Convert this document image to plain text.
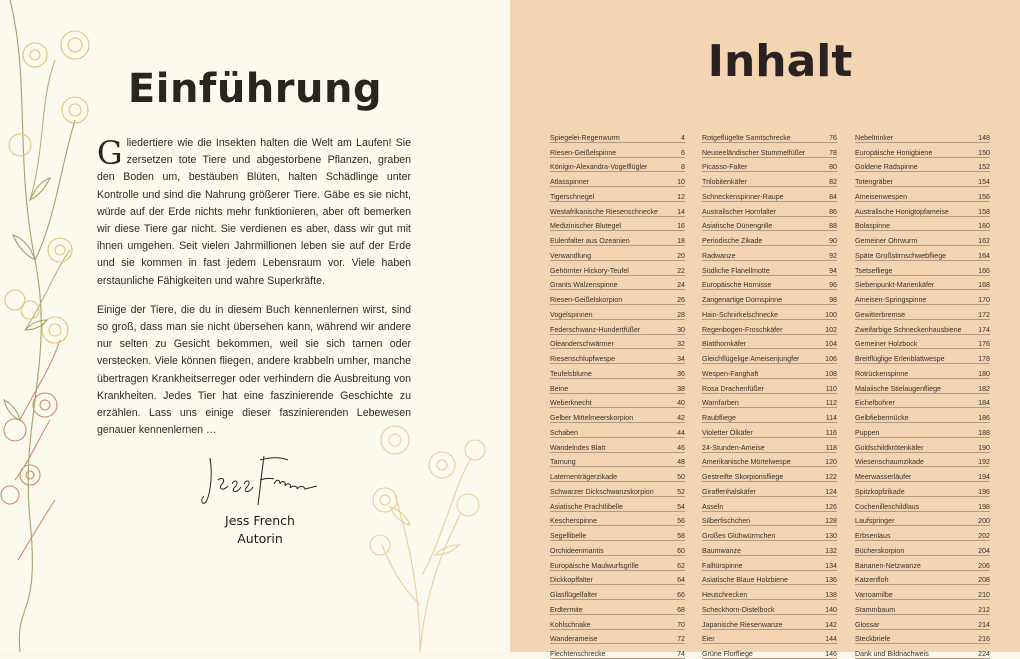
Einführung

Gliedertiere wie die Insekten halten die Welt am Laufen! Sie zersetzen tote Tiere und abgestorbene Pflanzen, graben den Boden um, bestäuben Blüten, halten Schädlinge unter Kontrolle und sind die Nahrung größerer Tiere. Gäbe es sie nicht, würde auf der Erde nichts mehr funktionieren, aber oft bemerken wir diese Tiere gar nicht. Sie verdienen es aber, dass wir gut mit ihnen umgehen. Seit vielen Jahrmillionen leben sie auf der Erde und sie kommen in fast jedem Lebensraum vor. Viele haben erstaunliche Fähigkeiten und wahre Superkräfte.

Einige der Tiere, die du in diesem Buch kennenlernen wirst, sind so groß, dass man sie nicht übersehen kann, während wir andere nur selten zu Gesicht bekommen, weil sie sich tarnen oder verstecken. Viele können fliegen, andere krabbeln umher, manche übertragen Krankheitserreger oder verhindern die Ausbreitung von Krankheiten. Jedes Tier hat eine faszinierende Geschichte zu erzählen. Lass uns einige dieser faszinierenden Lebewesen genauer kennenlernen …

Jess French
Autorin
Inhalt
Spiegelei-Regenwurm	4
Riesen-Geißelspinne	6
Königin-Alexandra-Vogelflügler	8
Atlasspinner	10
Tigerschnegel	12
Westafrikanische Riesenschnecke	14
Medizinischer Blutegel	16
Eulenfalter aus Ozeanien	18
Verwandlung	20
Gehörnter Hickory-Teufel	22
Grants Walzenspinne	24
Riesen-Geißelskorpion	26
Vogelspinnen	28
Federschwanz-Hundertfüßer	30
Oleanderschwärmer	32
Riesenschlupfwespe	34
Teufelsblume	36
Beine	38
Weberknecht	40
Gelber Mittelmeerskorpion	42
Schaben	44
Wandelndes Blatt	46
Tarnung	48
Laternenträgerzikade	50
Schwarzer Dickschwanzskorpion	52
Asiatische Prachtlibelle	54
Kescherspinne	56
Segellibelle	58
Orchideenmantis	60
Europäische Maulwurfsgrille	62
Dickkopffalter	64
Glasflügelfalter	66
Erdtermite	68
Kohlschnake	70
Wanderameise	72
Flechtenschrecke	74
Rotgeflügelte Samtschrecke	76
Neuseeländischer Stummelfüßer	78
Picasso-Falter	80
Trilobitenkäfer	82
Schneckenspinner-Raupe	84
Australischer Hornfalter	86
Asiatische Dünengrille	88
Periodische Zikade	90
Radwanze	92
Südliche Flanellmotte	94
Europäische Hornisse	96
Zangenartige Dornspinne	98
Hain-Schnirkelschnecke	100
Regenbogen-Froschkäfer	102
Blatthornkäfer	104
Gleichflügelige Ameisenjungfer	106
Wespen-Fanghaft	108
Rosa Drachenfüßer	110
Warnfarben	112
Raubfliege	114
Violetter Ölkäfer	116
24-Stunden-Ameise	118
Amerikanische Mörtelwespe	120
Gestreifte Skorpionsfliege	122
Giraffenhalskäfer	124
Asseln	126
Silberfischchen	128
Großes Glühwürmchen	130
Baumwanze	132
Falltürspinne	134
Asiatische Blaue Holzbiene	136
Heuschrecken	138
Scheckhorn-Distelbock	140
Japanische Riesenwanze	142
Eier	144
Grüne Florfliege	146
Nebeltrinker	148
Europäische Honigbiene	150
Goldene Radspinne	152
Totengräber	154
Ameisenwespen	156
Australische Honigtopfameise	158
Bolaspinne	160
Gemeiner Ohrwurm	162
Späte Großstirnschwebfliege	164
Tsetsefliege	166
Siebenpunkt-Marienkäfer	168
Ameisen-Springspinne	170
Gewitterbremse	172
Zweifarbige Schneckenhausbiene	174
Gemeiner Holzbock	176
Breitflüglige Erlenblattwespe	178
Rotrückenspinne	180
Malaiische Stielaugenfliege	182
Eichelbohrer	184
Gelbfiebermücke	186
Puppen	188
Goldschildkrötenkäfer	190
Wiesenschaumzikade	192
Meerwasserläufer	194
Spitzkopfzikade	196
Cochenilleschildlaus	198
Laufspringer	200
Erbsenlaus	202
Bücherskorpion	204
Bananen-Netzwanze	206
Katzenfloh	208
Varroamilbe	210
Stammbaum	212
Glossar	214
Steckbriefe	216
Dank und Bildnachweis	224
